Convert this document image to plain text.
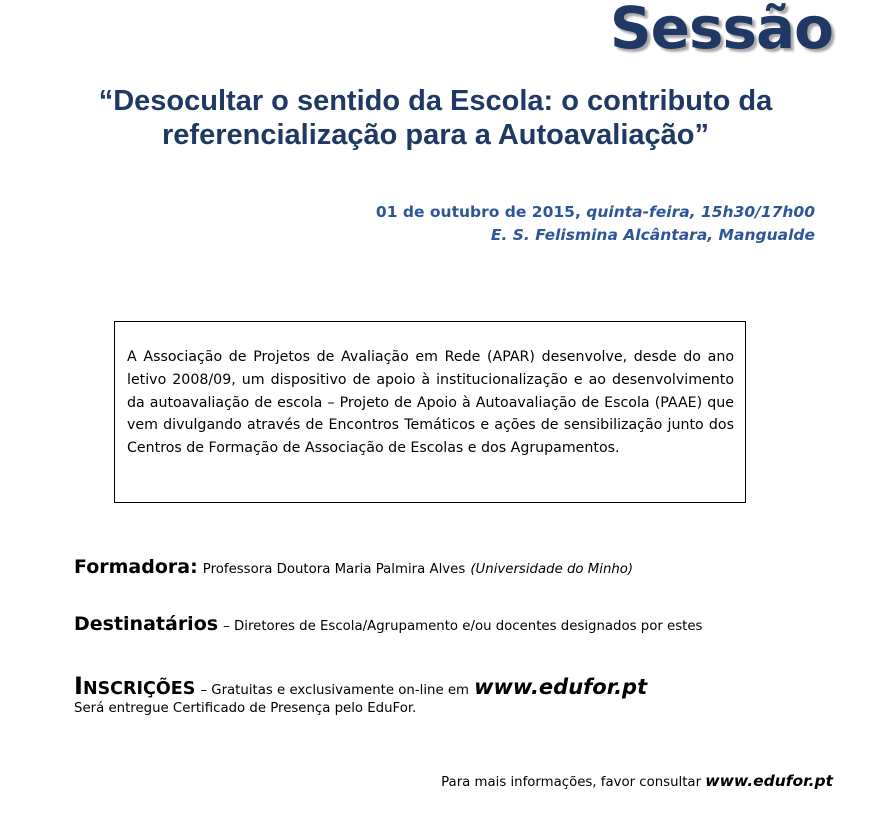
Sessão
“Desocultar o sentido da Escola: o contributo da
referencialização para a Autoavaliação”
01 de outubro de 2015, quinta-feira, 15h30/17h00
E. S. Felismina Alcântara, Mangualde
A Associação de Projetos de Avaliação em Rede (APAR) desenvolve, desde do ano letivo 2008/09, um dispositivo de apoio à institucionalização e ao desenvolvimento da autoavaliação de escola – Projeto de Apoio à Autoavaliação de Escola (PAAE) que vem divulgando através de Encontros Temáticos e ações de sensibilização junto dos Centros de Formação de Associação de Escolas e dos Agrupamentos.
Formadora: Professora Doutora Maria Palmira Alves (Universidade do Minho)
Destinatários – Diretores de Escola/Agrupamento e/ou docentes designados por estes
INSCRIÇÕES – Gratuitas e exclusivamente on-line em www.edufor.pt
Será entregue Certificado de Presença pelo EduFor.
Para mais informações, favor consultar www.edufor.pt
